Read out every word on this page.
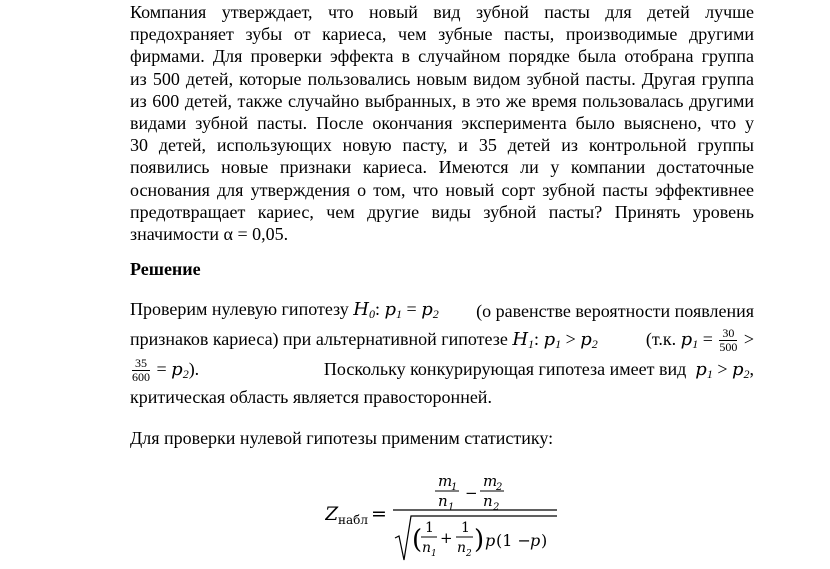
Компания утверждает, что новый вид зубной пасты для детей лучше
предохраняет зубы от кариеса, чем зубные пасты, производимые другими
фирмами. Для проверки эффекта в случайном порядке была отобрана группа
из 500 детей, которые пользовались новым видом зубной пасты. Другая группа
из 600 детей, также случайно выбранных, в это же время пользовалась другими
видами зубной пасты. После окончания эксперимента было выяснено, что у
30 детей, использующих новую пасту, и 35 детей из контрольной группы
появились новые признаки кариеса. Имеются ли у компании достаточные
основания для утверждения о том, что новый сорт зубной пасты эффективнее
предотвращает кариес, чем другие виды зубной пасты? Принять уровень
значимости α = 0,05.
Решение
Проверим нулевую гипотезу $H_0$: $p_1 = p_2$ (о равенстве вероятности появления
признаков кариеса) при альтернативной гипотезе $H_1$: $p_1 > p_2$	(т.к. $p_1 = \frac{30}{500}$ >
$\frac{35}{600} = p_2$).	Поскольку конкурирующая гипотеза имеет вид $p_1 > p_2$,
критическая область является правосторонней.
Для проверки нулевой гипотезы применим статистику:
Z набл =
m
1
n 1
−
m
2
n 2
( 1
n 1
+
1
n 2 ) p (1 − p )
